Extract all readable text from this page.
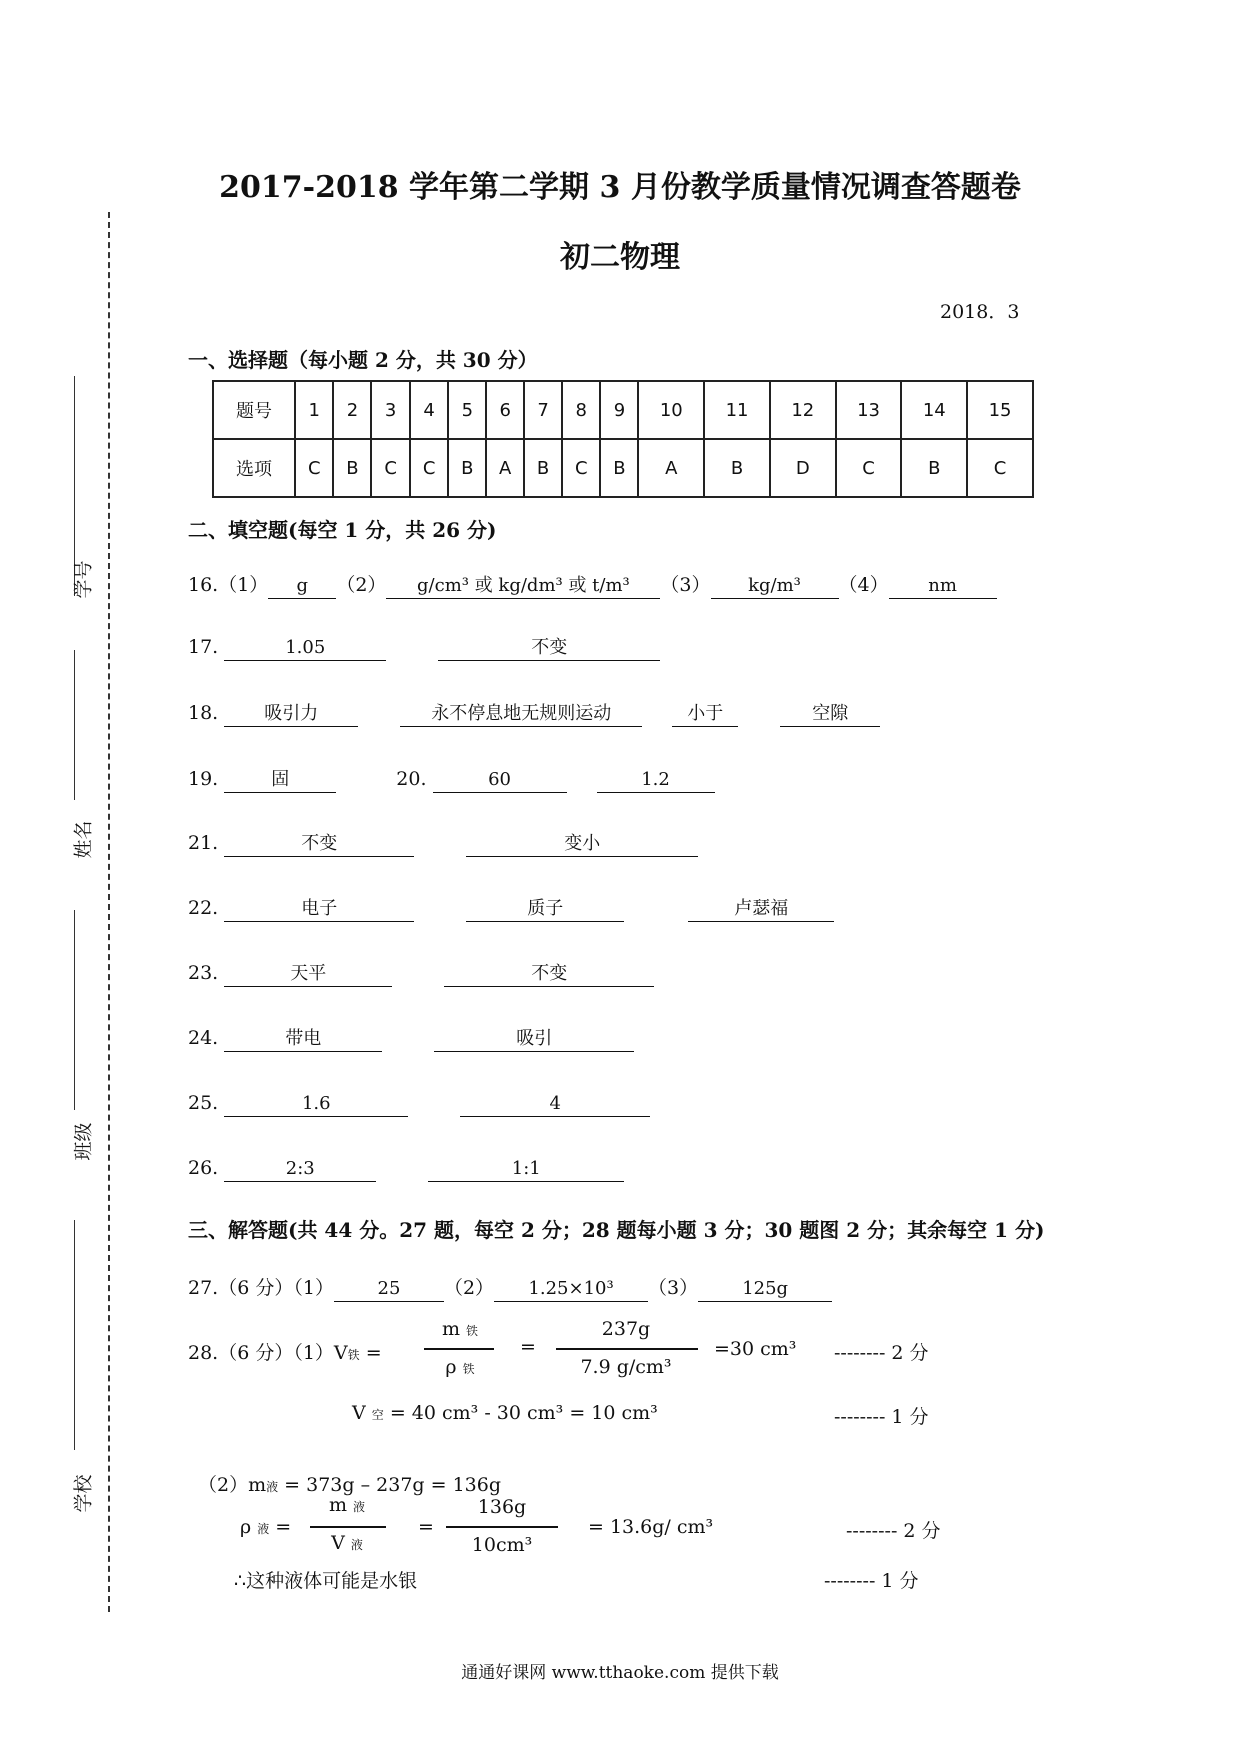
2017-2018 学年第二学期 3 月份教学质量情况调查答题卷
初二物理
2018．3
学号
姓名
班级
学校
一、选择题（每小题 2 分，共 30 分）
题号	1	2	3	4	5	6	7	8	9	10	11	12	13	14	15
选项	C	B	C	C	B	A	B	C	B	A	B	D	C	B	C
二、填空题(每空 1 分，共 26 分)
16.（1） g （2） g/cm³ 或 kg/dm³ 或 t/m³ （3） kg/m³ （4） nm
17.	1.05	不变
18.	吸引力	永不停息地无规则运动	小于	空隙
19.	固	20.	60	1.2
21.	不变	变小
22.	电子	质子	卢瑟福
23.	天平	不变
24.	带电	吸引
25.	1.6	4
26.	2:3	1:1
三、解答题(共 44 分。27 题，每空 2 分；28 题每小题 3 分；30 题图 2 分；其余每空 1 分)
27.（6 分）（1） 25 （2） 1.25×10³ （3） 125g
28.（6 分）（1）V铁 =
m 铁
ρ 铁
=
237g
7.9 g/cm³
=30 cm³ -------- 2 分
V 空 = 40 cm³ - 30 cm³ = 10 cm³	-------- 1 分
（2）m液 = 373g – 237g = 136g
ρ 液 =
m 液
V 液
=
136g
10cm³
= 13.6g/ cm³	-------- 2 分
∴这种液体可能是水银	-------- 1 分
通通好课网 www.tthaoke.com 提供下载
